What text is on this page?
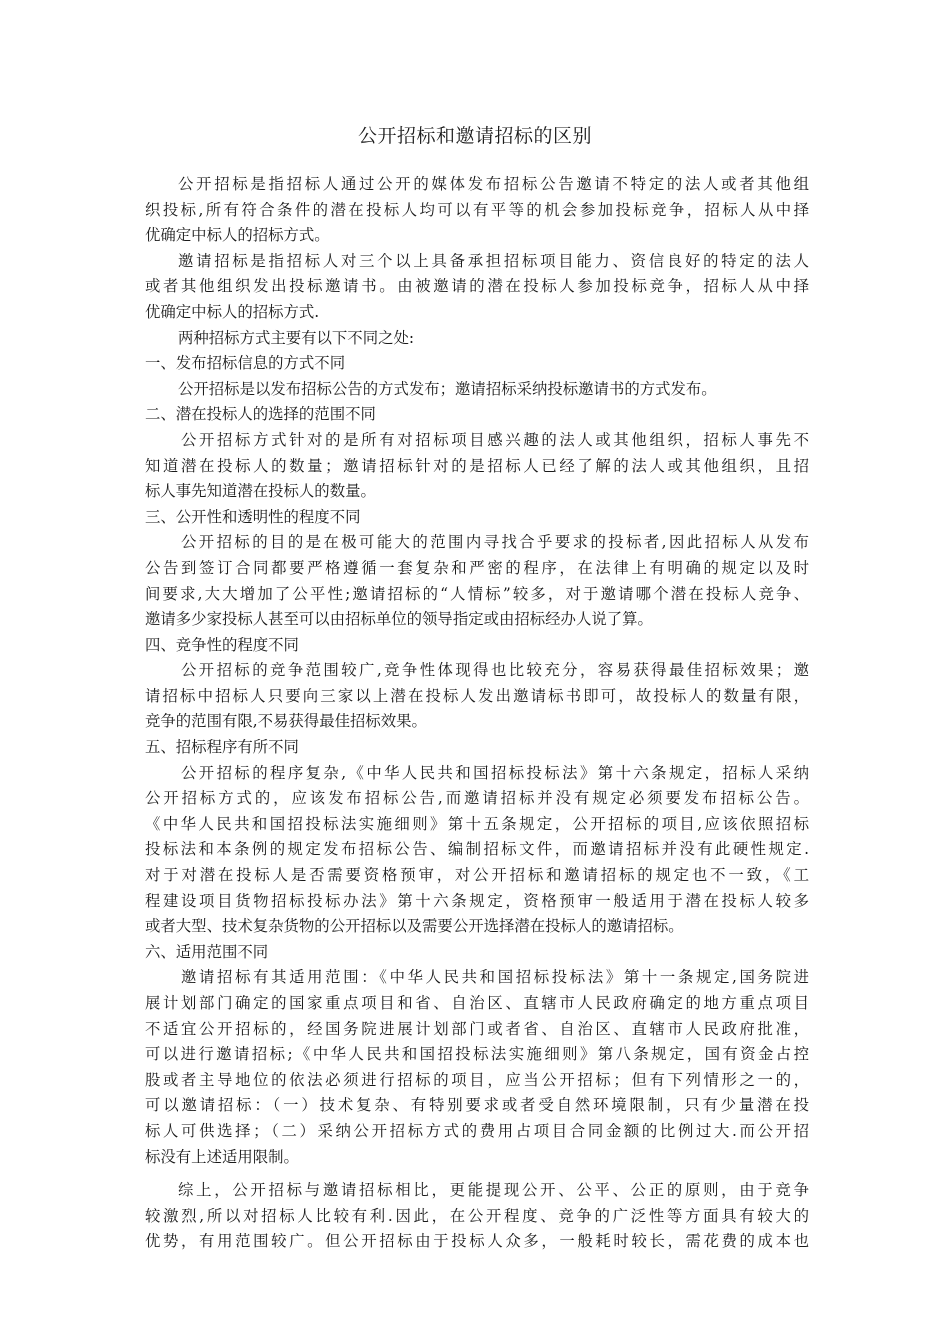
公开招标和邀请招标的区别
公开招标是指招标人通过公开的媒体发布招标公告邀请不特定的法人或者其他组
织投标,所有符合条件的潜在投标人均可以有平等的机会参加投标竞争，招标人从中择
优确定中标人的招标方式。
邀请招标是指招标人对三个以上具备承担招标项目能力、资信良好的特定的法人
或者其他组织发出投标邀请书。由被邀请的潜在投标人参加投标竞争，招标人从中择
优确定中标人的招标方式.
两种招标方式主要有以下不同之处:
一、发布招标信息的方式不同
公开招标是以发布招标公告的方式发布；邀请招标采纳投标邀请书的方式发布。
二、潜在投标人的选择的范围不同
公开招标方式针对的是所有对招标项目感兴趣的法人或其他组织，招标人事先不
知道潜在投标人的数量；邀请招标针对的是招标人已经了解的法人或其他组织，且招
标人事先知道潜在投标人的数量。
三、公开性和透明性的程度不同
公开招标的目的是在极可能大的范围内寻找合乎要求的投标者,因此招标人从发布
公告到签订合同都要严格遵循一套复杂和严密的程序，在法律上有明确的规定以及时
间要求,大大增加了公平性;邀请招标的“人情标”较多，对于邀请哪个潜在投标人竞争、
邀请多少家投标人甚至可以由招标单位的领导指定或由招标经办人说了算。
四、竞争性的程度不同
公开招标的竞争范围较广,竞争性体现得也比较充分，容易获得最佳招标效果；邀
请招标中招标人只要向三家以上潜在投标人发出邀请标书即可，故投标人的数量有限，
竞争的范围有限,不易获得最佳招标效果。
五、招标程序有所不同
公开招标的程序复杂,《中华人民共和国招标投标法》第十六条规定，招标人采纳
公开招标方式的，应该发布招标公告,而邀请招标并没有规定必须要发布招标公告。
《中华人民共和国招投标法实施细则》第十五条规定，公开招标的项目,应该依照招标
投标法和本条例的规定发布招标公告、编制招标文件，而邀请招标并没有此硬性规定.
对于对潜在投标人是否需要资格预审，对公开招标和邀请招标的规定也不一致，《工
程建设项目货物招标投标办法》第十六条规定，资格预审一般适用于潜在投标人较多
或者大型、技术复杂货物的公开招标以及需要公开选择潜在投标人的邀请招标。
六、适用范围不同
邀请招标有其适用范围：《中华人民共和国招标投标法》第十一条规定,国务院进
展计划部门确定的国家重点项目和省、自治区、直辖市人民政府确定的地方重点项目
不适宜公开招标的，经国务院进展计划部门或者省、自治区、直辖市人民政府批准，
可以进行邀请招标;《中华人民共和国招投标法实施细则》第八条规定，国有资金占控
股或者主导地位的依法必须进行招标的项目，应当公开招标；但有下列情形之一的，
可以邀请招标：（一）技术复杂、有特别要求或者受自然环境限制，只有少量潜在投
标人可供选择；（二）采纳公开招标方式的费用占项目合同金额的比例过大.而公开招
标没有上述适用限制。
综上，公开招标与邀请招标相比，更能提现公开、公平、公正的原则，由于竞争
较激烈,所以对招标人比较有利.因此，在公开程度、竞争的广泛性等方面具有较大的
优势，有用范围较广。但公开招标由于投标人众多，一般耗时较长，需花费的成本也
